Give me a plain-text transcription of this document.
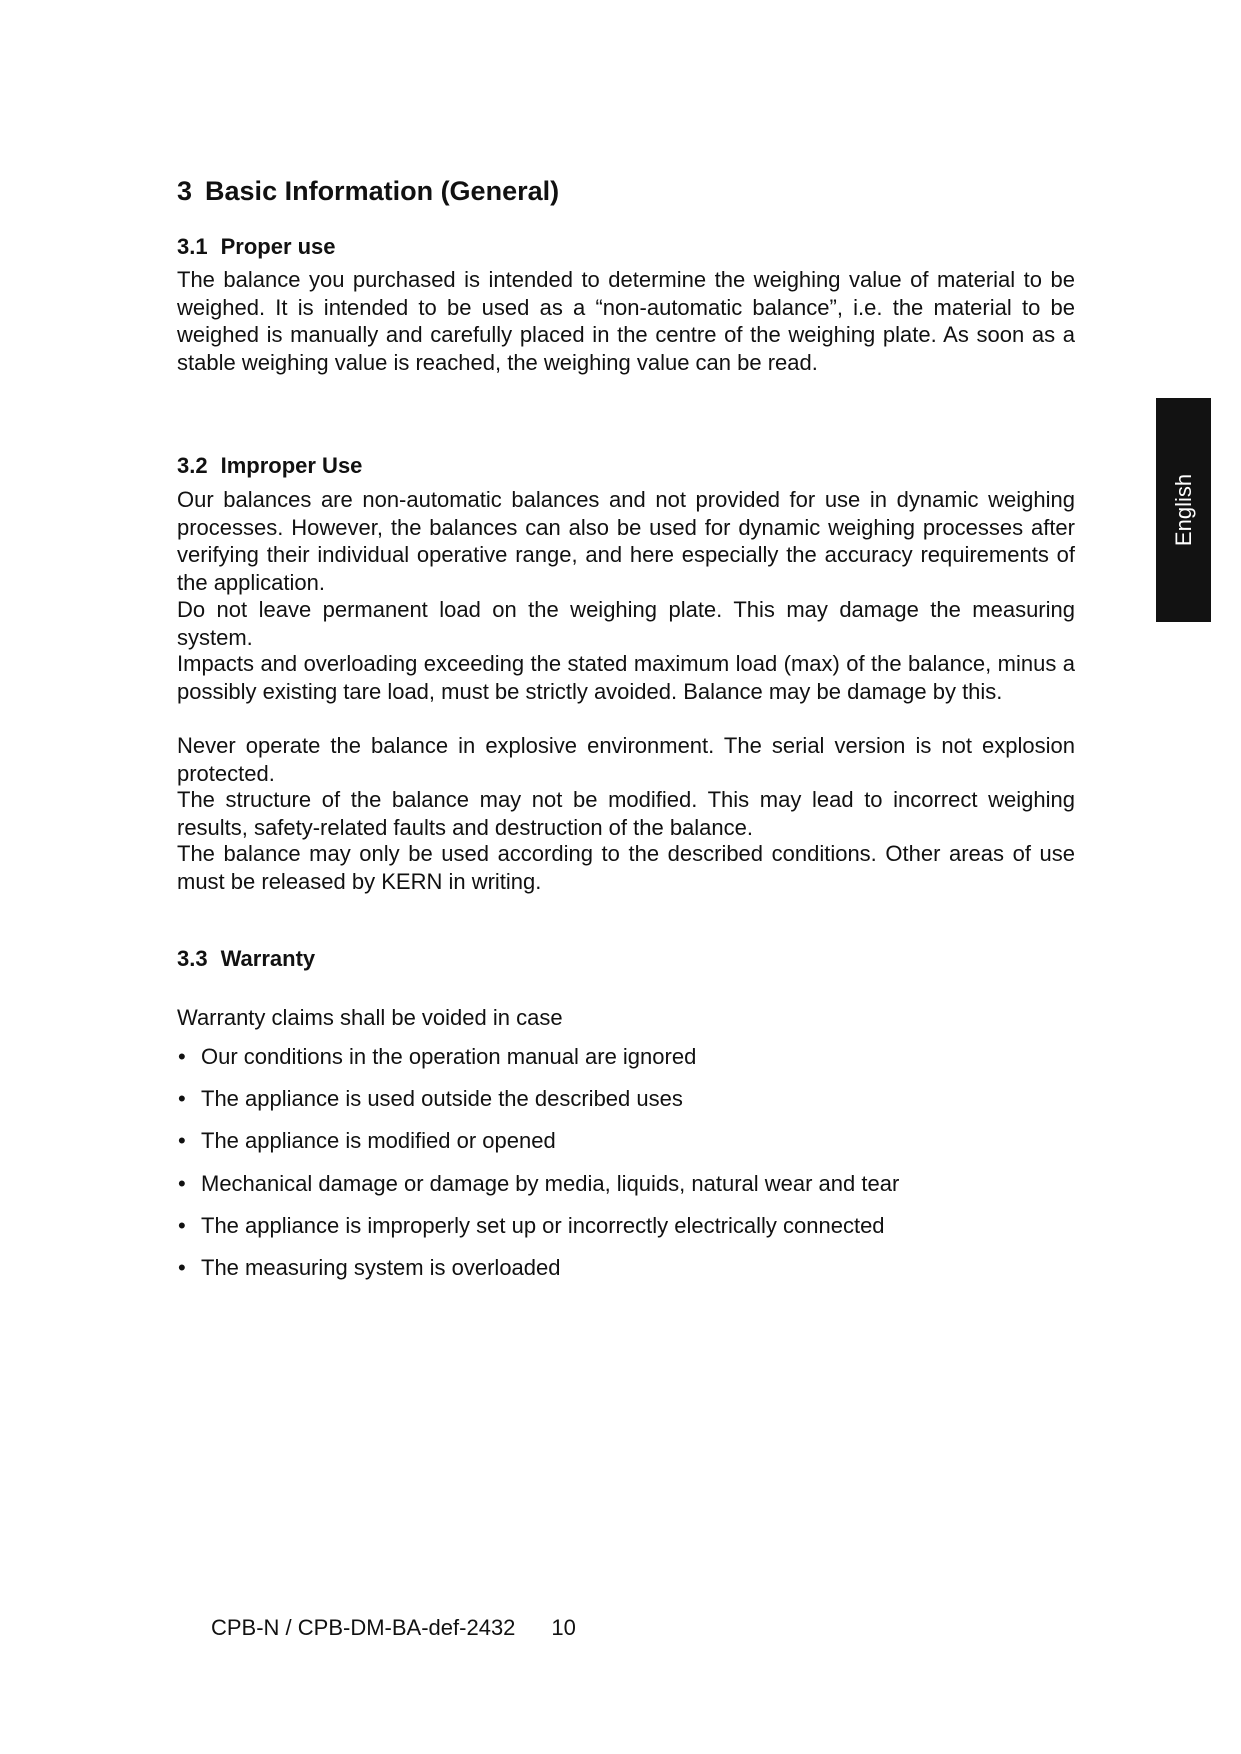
3 Basic Information (General)
3.1 Proper use

The balance you purchased is intended to determine the weighing value of material to be weighed. It is intended to be used as a “non-automatic balance”, i.e. the material to be weighed is manually and carefully placed in the centre of the weighing plate. As soon as a stable weighing value is reached, the weighing value can be read.

3.2 Improper Use

Our balances are non-automatic balances and not provided for use in dynamic weighing processes. However, the balances can also be used for dynamic weighing processes after verifying their individual operative range, and here especially the accuracy requirements of the application.

Do not leave permanent load on the weighing plate. This may damage the measuring system.

Impacts and overloading exceeding the stated maximum load (max) of the balance, minus a possibly existing tare load, must be strictly avoided. Balance may be damage by this.

Never operate the balance in explosive environment. The serial version is not explosion protected.

The structure of the balance may not be modified. This may lead to incorrect weighing results, safety-related faults and destruction of the balance.

The balance may only be used according to the described conditions. Other areas of use must be released by KERN in writing.

3.3 Warranty

Warranty claims shall be voided in case

• Our conditions in the operation manual are ignored
• The appliance is used outside the described uses
• The appliance is modified or opened
• Mechanical damage or damage by media, liquids, natural wear and tear
• The appliance is improperly set up or incorrectly electrically connected
• The measuring system is overloaded
CPB-N / CPB-DM-BA-def-2432 10
English
